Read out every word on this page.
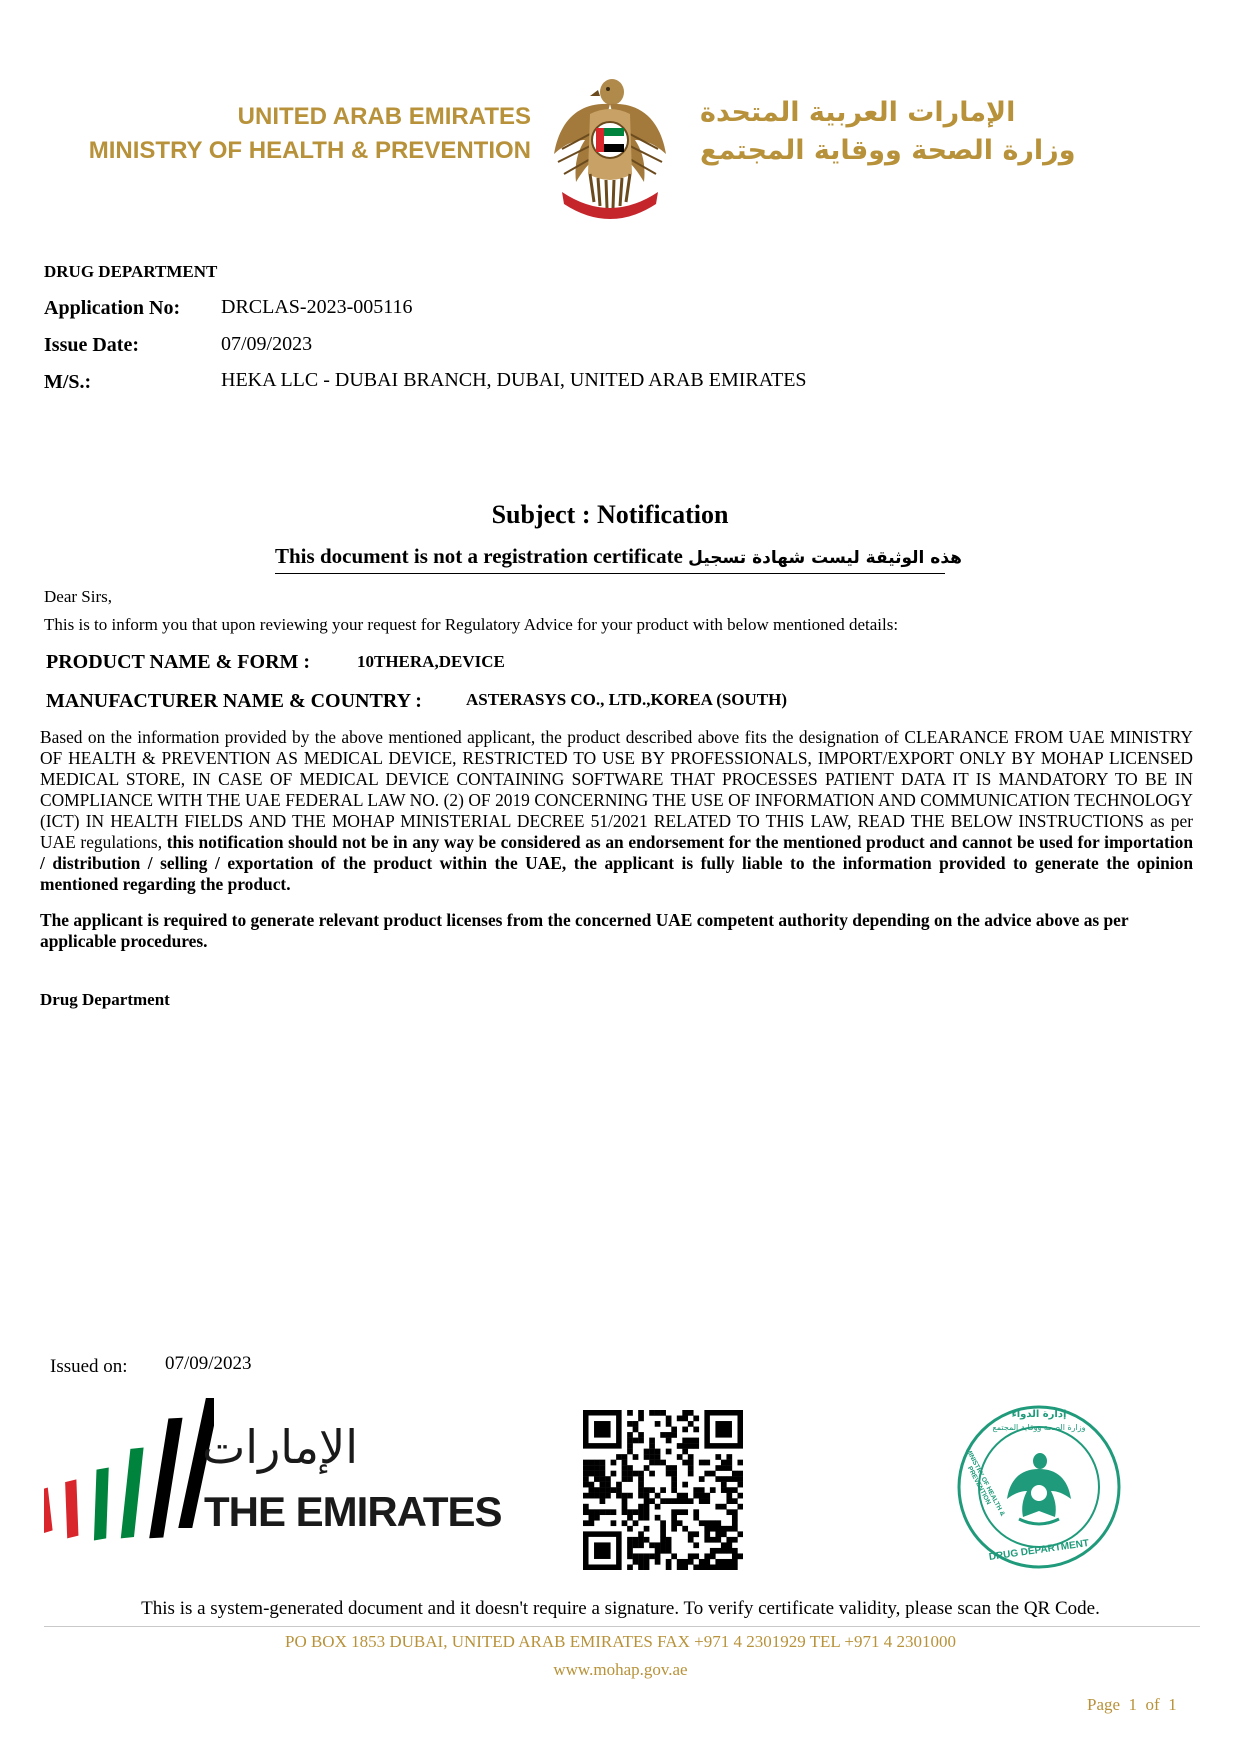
UNITED ARAB EMIRATES
MINISTRY OF HEALTH & PREVENTION
الإمارات العربية المتحدة
وزارة الصحة ووقاية المجتمع
DRUG DEPARTMENT
Application No: DRCLAS-2023-005116
Issue Date:	07/09/2023
M/S.:	HEKA LLC - DUBAI BRANCH, DUBAI, UNITED ARAB EMIRATES
Subject : Notification
This document is not a registration certificate هذه الوثيقة ليست شهادة تسجيل
Dear Sirs,
This is to inform you that upon reviewing your request for Regulatory Advice for your product with below mentioned details:
PRODUCT NAME & FORM :	10THERA,DEVICE
MANUFACTURER NAME & COUNTRY :	ASTERASYS CO., LTD.,KOREA (SOUTH)
Based on the information provided by the above mentioned applicant, the product described above fits the designation of CLEARANCE FROM UAE MINISTRY OF HEALTH & PREVENTION AS MEDICAL DEVICE, RESTRICTED TO USE BY PROFESSIONALS, IMPORT/EXPORT ONLY BY MOHAP LICENSED MEDICAL STORE, IN CASE OF MEDICAL DEVICE CONTAINING SOFTWARE THAT PROCESSES PATIENT DATA IT IS MANDATORY TO BE IN COMPLIANCE WITH THE UAE FEDERAL LAW NO. (2) OF 2019 CONCERNING THE USE OF INFORMATION AND COMMUNICATION TECHNOLOGY (ICT) IN HEALTH FIELDS AND THE MOHAP MINISTERIAL DECREE 51/2021 RELATED TO THIS LAW, READ THE BELOW INSTRUCTIONS as per UAE regulations, this notification should not be in any way be considered as an endorsement for the mentioned product and cannot be used for importation / distribution / selling / exportation of the product within the UAE, the applicant is fully liable to the information provided to generate the opinion mentioned regarding the product.
The applicant is required to generate relevant product licenses from the concerned UAE competent authority depending on the advice above as per applicable procedures.
Drug Department
Issued on: 07/09/2023
الإمارات
THE EMIRATES
إدارة الدواء
وزارة الصحة ووقاية المجتمع
MINISTRY OF HEALTH & PREVENTION
DRUG DEPARTMENT
This is a system-generated document and it doesn't require a signature. To verify certificate validity, please scan the QR Code.
PO BOX 1853 DUBAI, UNITED ARAB EMIRATES FAX +971 4 2301929 TEL +971 4 2301000
www.mohap.gov.ae
Page 1 of 1
